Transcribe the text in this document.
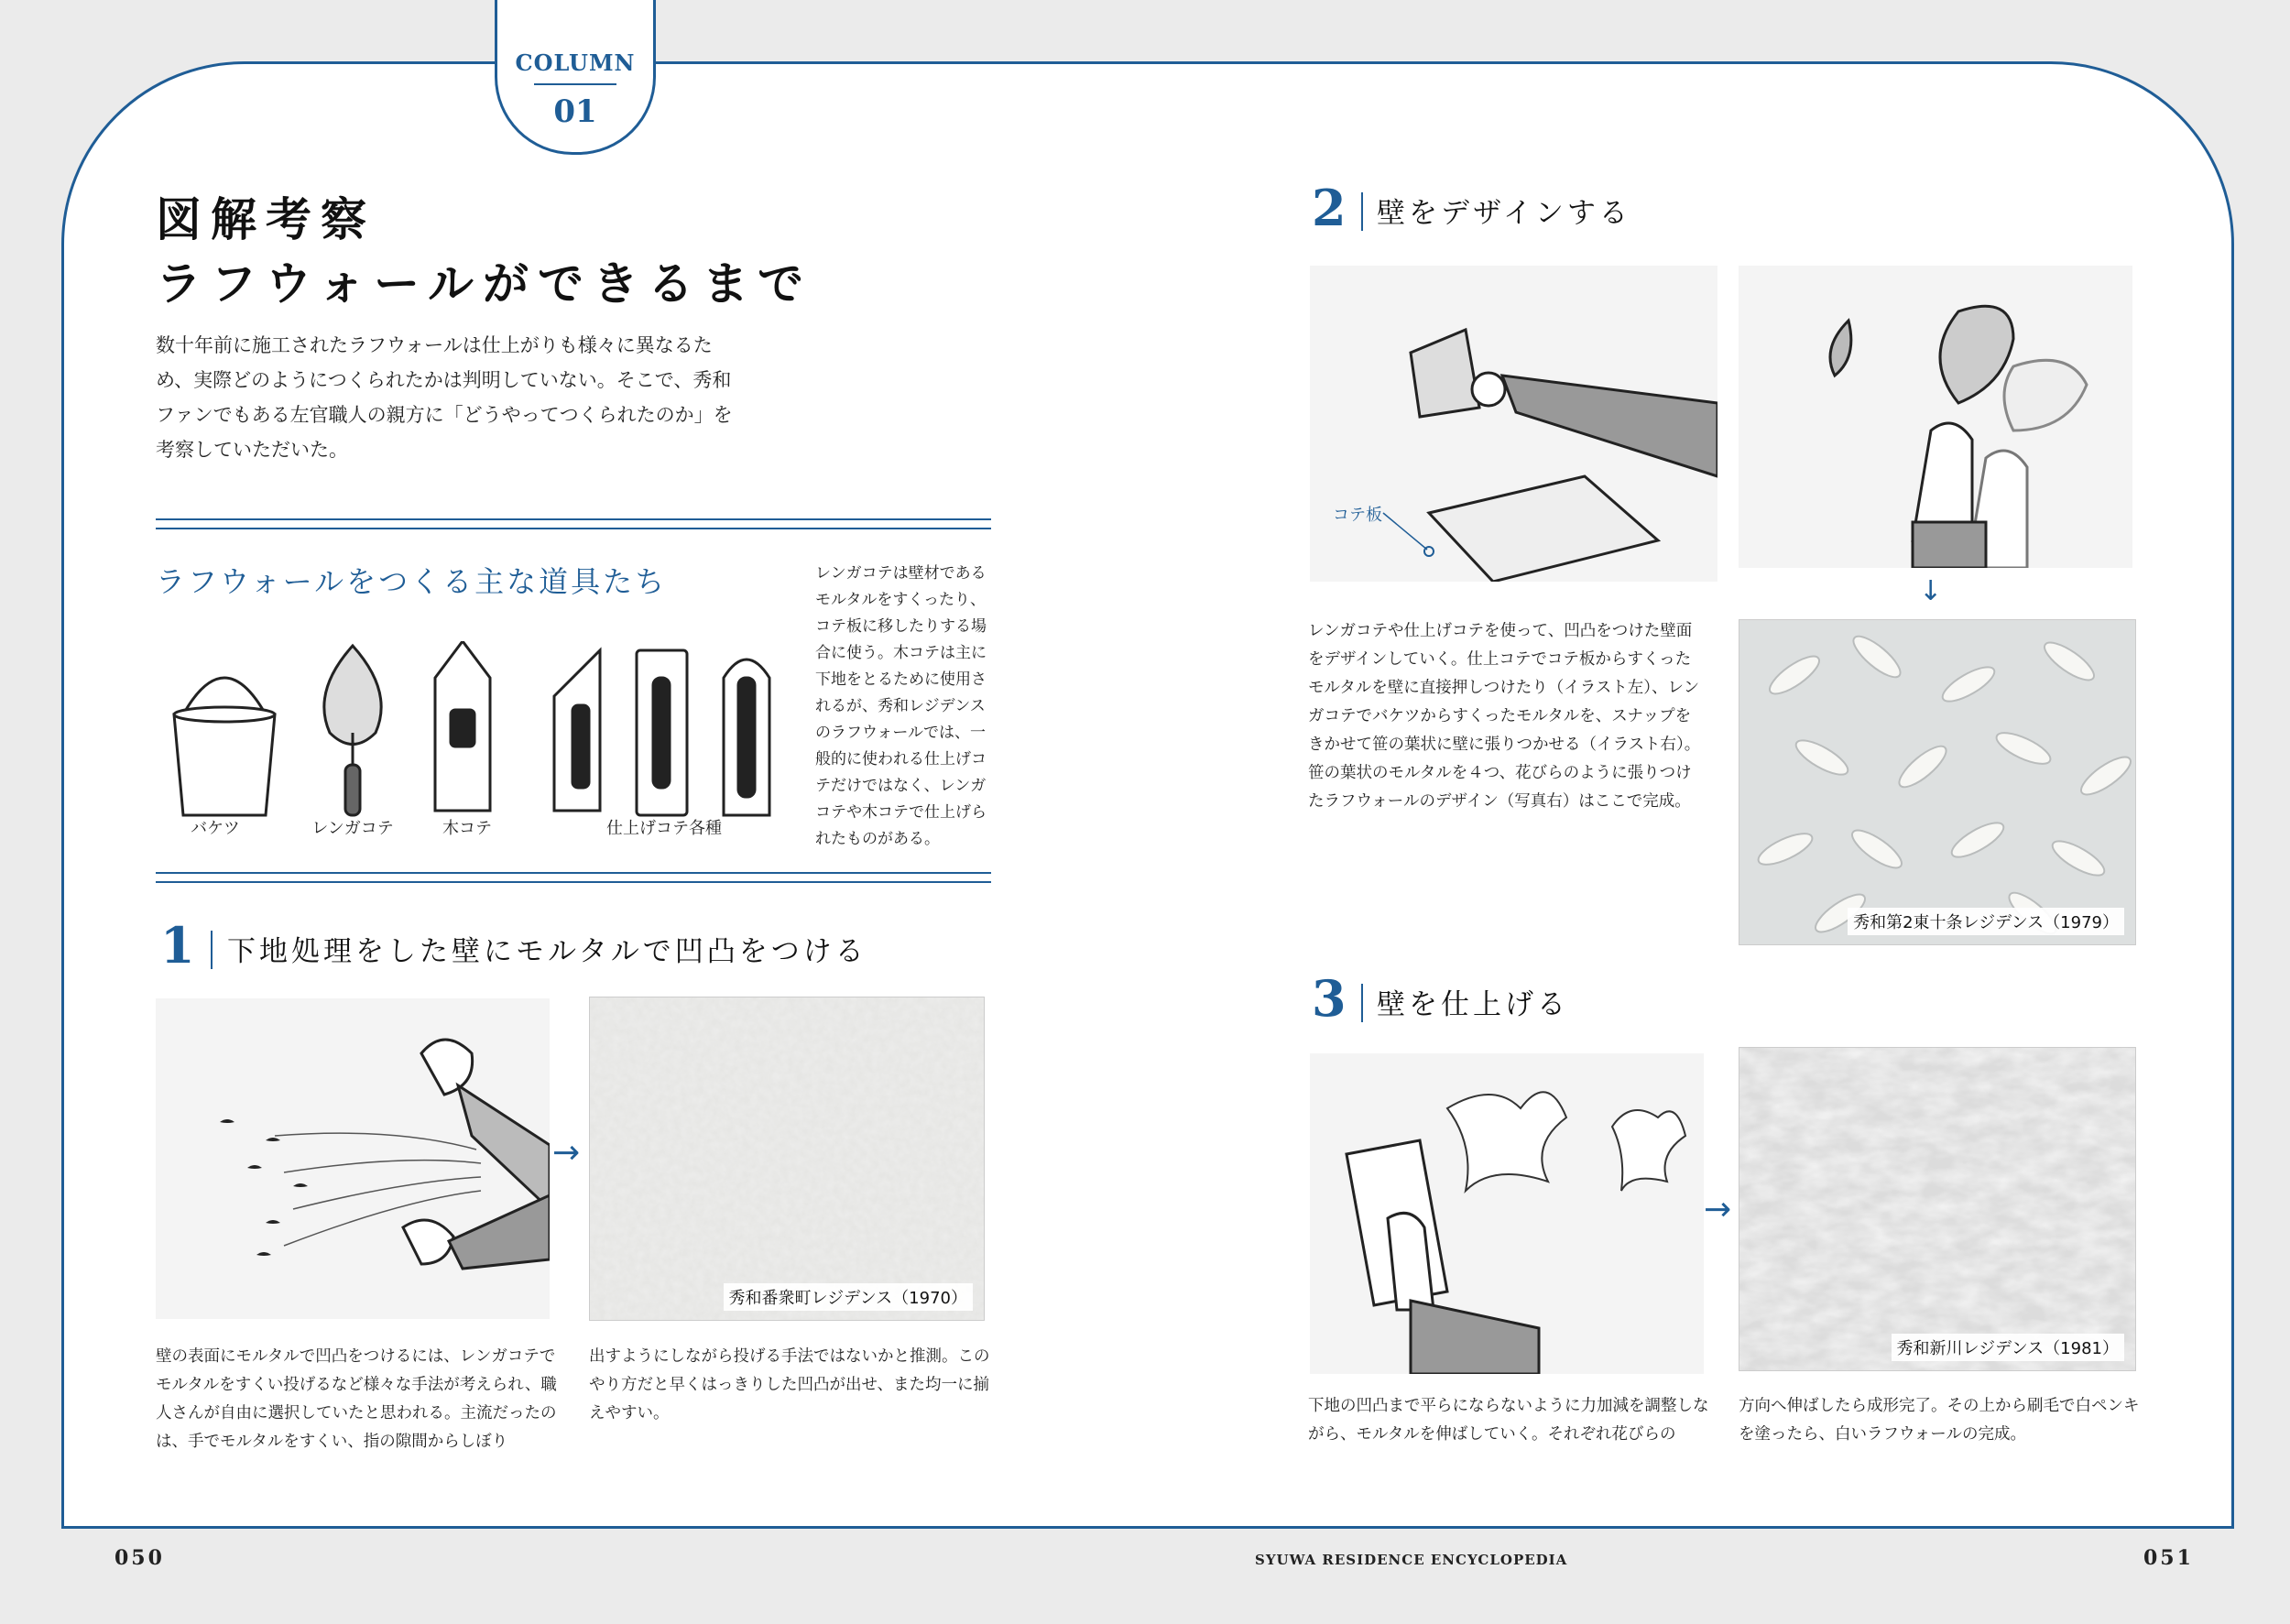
COLUMN
01
図解考察
ラフウォールができるまで
数十年前に施工されたラフウォールは仕上がりも様々に異なるため、実際どのようにつくられたかは判明していない。そこで、秀和ファンでもある左官職人の親方に「どうやってつくられたのか」を考察していただいた。
ラフウォールをつくる主な道具たち
バケツ	レンガコテ	木コテ	仕上げコテ各種
レンガコテは壁材であるモルタルをすくったり、コテ板に移したりする場合に使う。木コテは主に下地をとるために使用されるが、秀和レジデンスのラフウォールでは、一般的に使われる仕上げコテだけではなく、レンガコテや木コテで仕上げられたものがある。
1 下地処理をした壁にモルタルで凹凸をつける
→
秀和番衆町レジデンス（1970）
壁の表面にモルタルで凹凸をつけるには、レンガコテでモルタルをすくい投げるなど様々な手法が考えられ、職人さんが自由に選択していたと思われる。主流だったのは、手でモルタルをすくい、指の隙間からしぼり
出すようにしながら投げる手法ではないかと推測。このやり方だと早くはっきりした凹凸が出せ、また均一に揃えやすい。
2 壁をデザインする
コテ板
↓
レンガコテや仕上げコテを使って、凹凸をつけた壁面をデザインしていく。仕上コテでコテ板からすくったモルタルを壁に直接押しつけたり（イラスト左）、レンガコテでバケツからすくったモルタルを、スナップをきかせて笹の葉状に壁に張りつかせる（イラスト右）。笹の葉状のモルタルを４つ、花びらのように張りつけたラフウォールのデザイン（写真右）はここで完成。
秀和第2東十条レジデンス（1979）
3 壁を仕上げる
→
秀和新川レジデンス（1981）
下地の凹凸まで平らにならないように力加減を調整しながら、モルタルを伸ばしていく。それぞれ花びらの
方向へ伸ばしたら成形完了。その上から刷毛で白ペンキを塗ったら、白いラフウォールの完成。
050	SYUWA RESIDENCE ENCYCLOPEDIA	051
